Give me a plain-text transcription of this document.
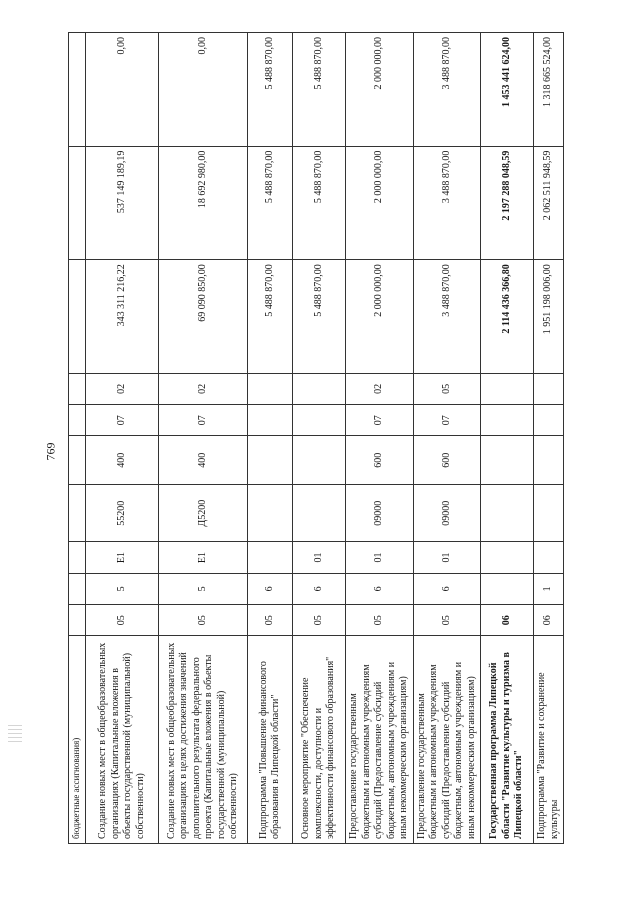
769
бюджетные ассигнования)										
Создание новых мест в общеобразовательных организациях (Капитальные вложения в объекты государственной (муниципальной) собственности)	05	5	E1	55200	400	07	02	343 311 216,22	537 149 189,19	0,00
Создание новых мест в общеобразовательных организациях в целях достижения значений дополнительного результата федерального проекта (Капитальные вложения в объекты государственной (муниципальной) собственности)	05	5	E1	Д5200	400	07	02	69 090 850,00	18 692 980,00	0,00
Подпрограмма "Повышение финансового образования в Липецкой области"	05	6						5 488 870,00	5 488 870,00	5 488 870,00
Основное мероприятие "Обеспечение комплексности, доступности и эффективности финансового образования"	05	6	01					5 488 870,00	5 488 870,00	5 488 870,00
Предоставление государственным бюджетным и автономным учреждениям субсидий (Предоставление субсидий бюджетным, автономным учреждениям и иным некоммерческим организациям)	05	6	01	09000	600	07	02	2 000 000,00	2 000 000,00	2 000 000,00
Предоставление государственным бюджетным и автономным учреждениям субсидий (Предоставление субсидий бюджетным, автономным учреждениям и иным некоммерческим организациям)	05	6	01	09000	600	07	05	3 488 870,00	3 488 870,00	3 488 870,00
Государственная программа Липецкой области "Развитие культуры и туризма в Липецкой области"	06							2 114 436 366,80	2 197 288 048,59	1 453 441 624,00
Подпрограмма "Развитие и сохранение культуры	06	1						1 951 198 006,00	2 062 511 948,59	1 318 665 524,00
